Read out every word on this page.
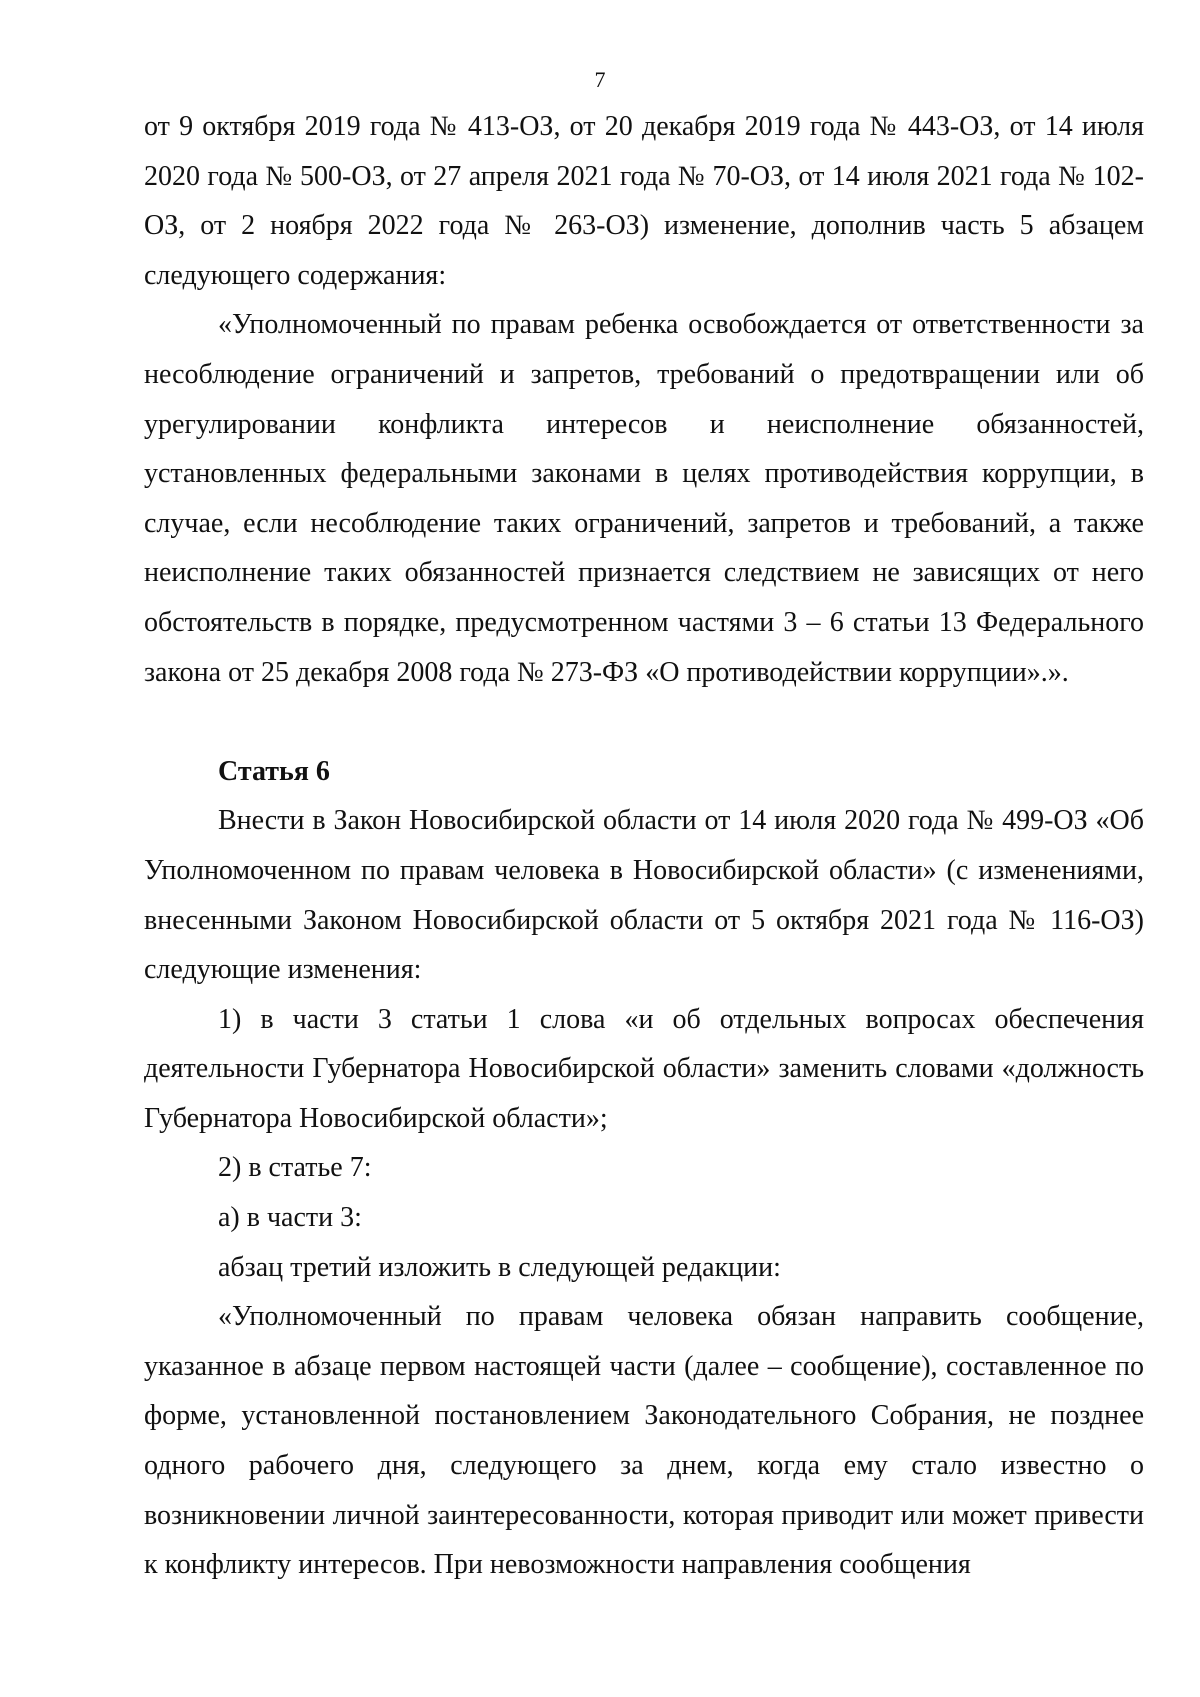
7

от 9 октября 2019 года № 413-ОЗ, от 20 декабря 2019 года № 443-ОЗ, от 14 июля 2020 года № 500-ОЗ, от 27 апреля 2021 года № 70-ОЗ, от 14 июля 2021 года № 102-ОЗ, от 2 ноября 2022 года № 263-ОЗ) изменение, дополнив часть 5 абзацем следующего содержания:

«Уполномоченный по правам ребенка освобождается от ответственности за несоблюдение ограничений и запретов, требований о предотвращении или об урегулировании конфликта интересов и неисполнение обязанностей, установленных федеральными законами в целях противодействия коррупции, в случае, если несоблюдение таких ограничений, запретов и требований, а также неисполнение таких обязанностей признается следствием не зависящих от него обстоятельств в порядке, предусмотренном частями 3 – 6 статьи 13 Федерального закона от 25 декабря 2008 года № 273-ФЗ «О противодействии коррупции».».

Статья 6

Внести в Закон Новосибирской области от 14 июля 2020 года № 499-ОЗ «Об Уполномоченном по правам человека в Новосибирской области» (с изменениями, внесенными Законом Новосибирской области от 5 октября 2021 года № 116-ОЗ) следующие изменения:

1) в части 3 статьи 1 слова «и об отдельных вопросах обеспечения деятельности Губернатора Новосибирской области» заменить словами «должность Губернатора Новосибирской области»;

2) в статье 7:

а) в части 3:

абзац третий изложить в следующей редакции:

«Уполномоченный по правам человека обязан направить сообщение, указанное в абзаце первом настоящей части (далее – сообщение), составленное по форме, установленной постановлением Законодательного Собрания, не позднее одного рабочего дня, следующего за днем, когда ему стало известно о возникновении личной заинтересованности, которая приводит или может привести к конфликту интересов. При невозможности направления сообщения
